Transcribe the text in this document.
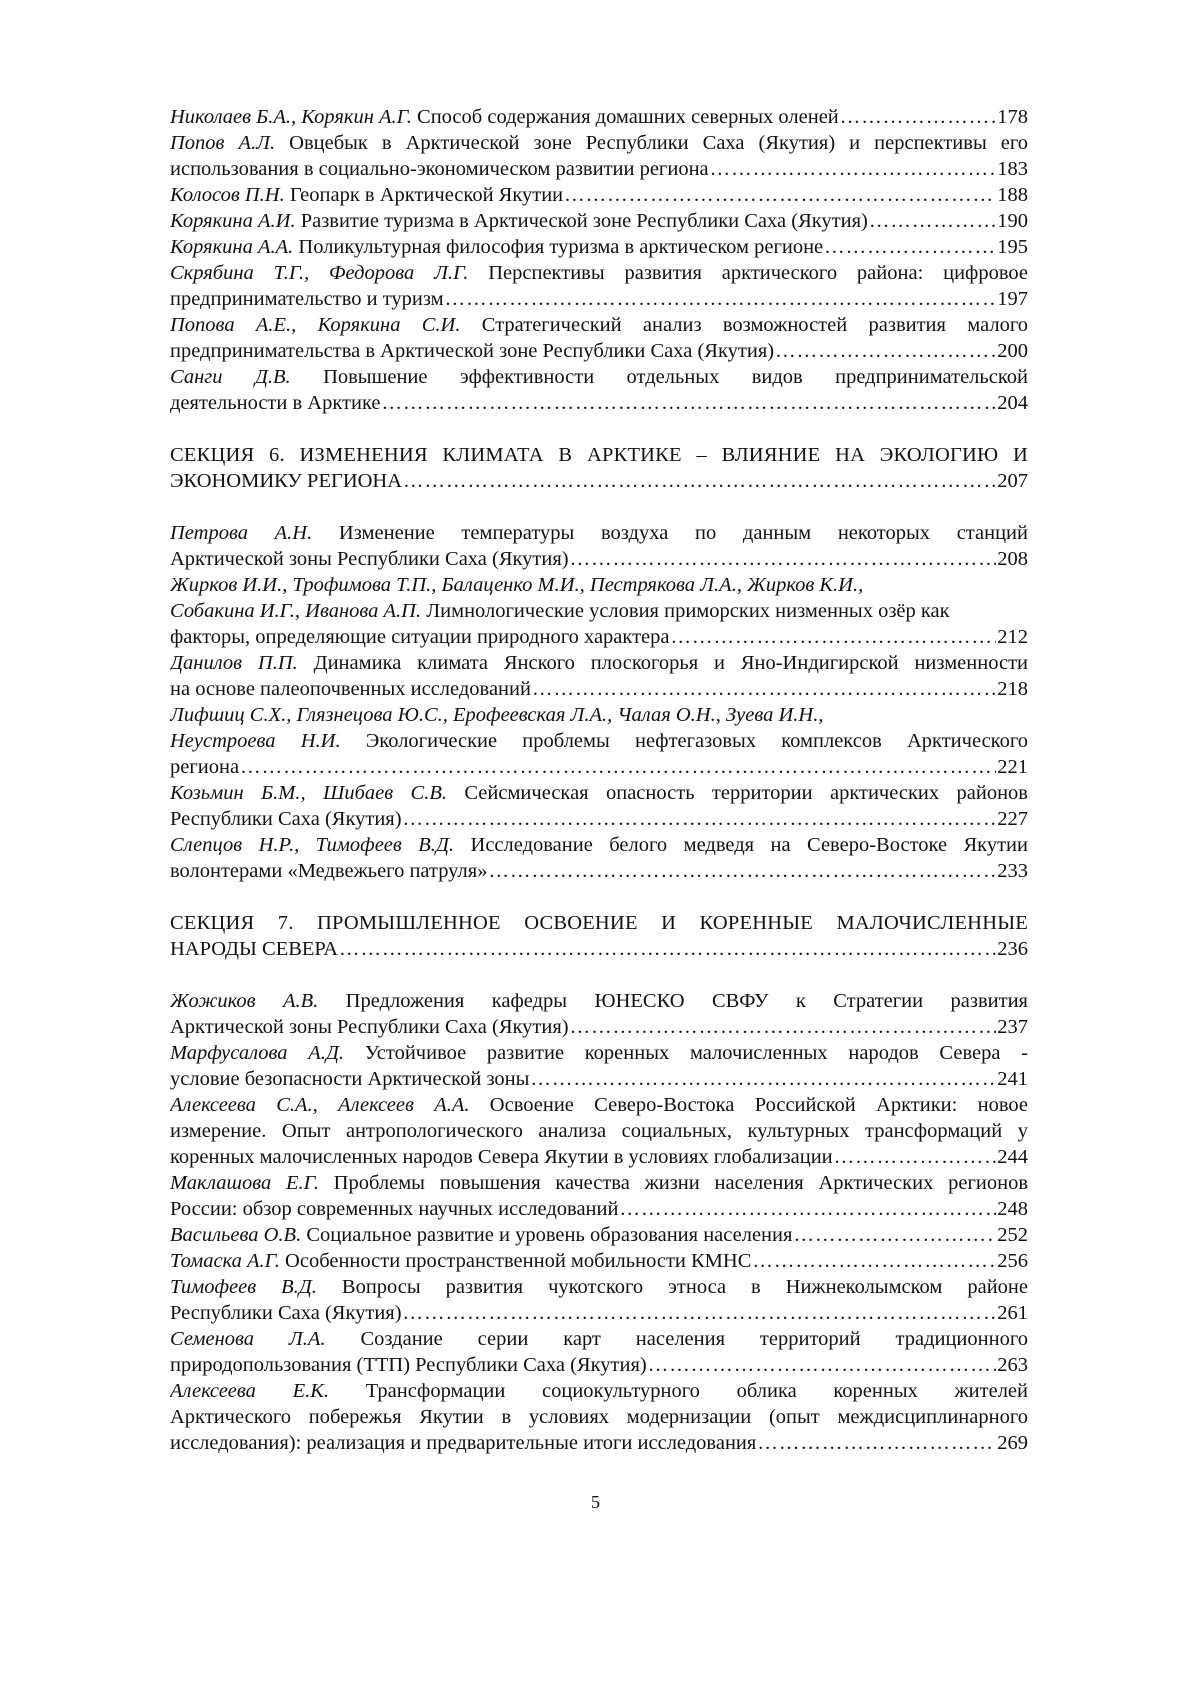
Николаев Б.А., Корякин А.Г. Способ содержания домашних северных оленей …………………………………………………………………………………………………………………………………………………………………………………………	178
Попов А.Л. Овцебык в Арктической зоне Республики Саха (Якутия) и перспективы его
использования в социально-экономическом развитии региона …………………………………………………………………………………………………………………………………………………………………………………………	183
Колосов П.Н. Геопарк в Арктической Якутии …………………………………………………………………………………………………………………………………………………………………………………………	188
Корякина А.И. Развитие туризма в Арктической зоне Республики Саха (Якутия) …………………………………………………………………………………………………………………………………………………………………………………………	190
Корякина А.А. Поликультурная философия туризма в арктическом регионе …………………………………………………………………………………………………………………………………………………………………………………………	195
Скрябина Т.Г., Федорова Л.Г. Перспективы развития арктического района: цифровое
предпринимательство и туризм …………………………………………………………………………………………………………………………………………………………………………………………	197
Попова А.Е., Корякина С.И. Стратегический анализ возможностей развития малого
предпринимательства в Арктической зоне Республики Саха (Якутия) …………………………………………………………………………………………………………………………………………………………………………………………	200
Санги Д.В. Повышение эффективности отдельных видов предпринимательской
деятельности в Арктике …………………………………………………………………………………………………………………………………………………………………………………………	204
СЕКЦИЯ 6. ИЗМЕНЕНИЯ КЛИМАТА В АРКТИКЕ – ВЛИЯНИЕ НА ЭКОЛОГИЮ И
ЭКОНОМИКУ РЕГИОНА …………………………………………………………………………………………………………………………………………………………………………………………	207
Петрова А.Н. Изменение температуры воздуха по данным некоторых станций
Арктической зоны Республики Саха (Якутия) …………………………………………………………………………………………………………………………………………………………………………………………	208
Жирков И.И., Трофимова Т.П., Балаценко М.И., Пестрякова Л.А., Жирков К.И.,
Собакина И.Г., Иванова А.П. Лимнологические условия приморских низменных озёр как
факторы, определяющие ситуации природного характера …………………………………………………………………………………………………………………………………………………………………………………………	212
Данилов П.П. Динамика климата Янского плоскогорья и Яно-Индигирской низменности
на основе палеопочвенных исследований …………………………………………………………………………………………………………………………………………………………………………………………	218
Лифшиц С.Х., Глязнецова Ю.С., Ерофеевская Л.А., Чалая О.Н., Зуева И.Н.,
Неустроева Н.И. Экологические проблемы нефтегазовых комплексов Арктического
региона …………………………………………………………………………………………………………………………………………………………………………………………	221
Козьмин Б.М., Шибаев С.В. Сейсмическая опасность территории арктических районов
Республики Саха (Якутия) …………………………………………………………………………………………………………………………………………………………………………………………	227
Слепцов Н.Р., Тимофеев В.Д. Исследование белого медведя на Северо-Востоке Якутии
волонтерами «Медвежьего патруля» …………………………………………………………………………………………………………………………………………………………………………………………	233
СЕКЦИЯ 7. ПРОМЫШЛЕННОЕ ОСВОЕНИЕ И КОРЕННЫЕ МАЛОЧИСЛЕННЫЕ
НАРОДЫ СЕВЕРА …………………………………………………………………………………………………………………………………………………………………………………………	236
Жожиков А.В. Предложения кафедры ЮНЕСКО СВФУ к Стратегии развития
Арктической зоны Республики Саха (Якутия) …………………………………………………………………………………………………………………………………………………………………………………………	237
Марфусалова А.Д. Устойчивое развитие коренных малочисленных народов Севера -
условие безопасности Арктической зоны …………………………………………………………………………………………………………………………………………………………………………………………	241
Алексеева С.А., Алексеев А.А. Освоение Северо-Востока Российской Арктики: новое
измерение. Опыт антропологического анализа социальных, культурных трансформаций у
коренных малочисленных народов Севера Якутии в условиях глобализации …………………………………………………………………………………………………………………………………………………………………………………………	244
Маклашова Е.Г. Проблемы повышения качества жизни населения Арктических регионов
России: обзор современных научных исследований …………………………………………………………………………………………………………………………………………………………………………………………	248
Васильева О.В. Социальное развитие и уровень образования населения …………………………………………………………………………………………………………………………………………………………………………………………	252
Томаска А.Г. Особенности пространственной мобильности КМНС …………………………………………………………………………………………………………………………………………………………………………………………	256
Тимофеев В.Д. Вопросы развития чукотского этноса в Нижнеколымском районе
Республики Саха (Якутия) …………………………………………………………………………………………………………………………………………………………………………………………	261
Семенова Л.А. Создание серии карт населения территорий традиционного
природопользования (ТТП) Республики Саха (Якутия) …………………………………………………………………………………………………………………………………………………………………………………………	263
Алексеева Е.К. Трансформации социокультурного облика коренных жителей
Арктического побережья Якутии в условиях модернизации (опыт междисциплинарного
исследования): реализация и предварительные итоги исследования …………………………………………………………………………………………………………………………………………………………………………………………	269
5
